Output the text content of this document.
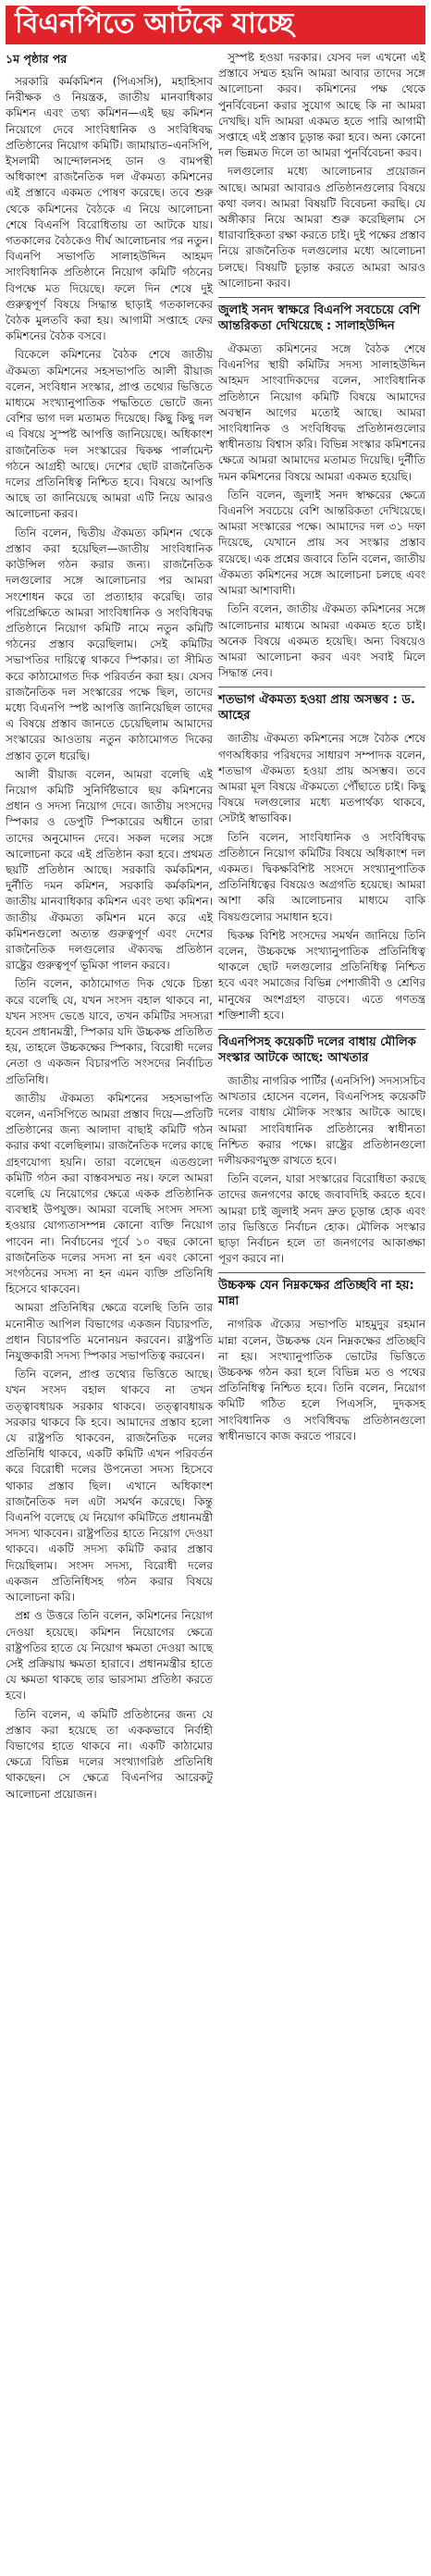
বিএনপিতে আটকে যাচ্ছে
১ম পৃষ্ঠার পর

সরকারি কর্মকমিশন (পিএসসি), মহাহিসাব নিরীক্ষক ও নিয়ন্ত্রক, জাতীয় মানবাধিকার কমিশন এবং তথ্য কমিশন—এই ছয় কমিশন নিয়োগে দেবে সাংবিধানিক ও সংবিধিবদ্ধ প্রতিষ্ঠানের নিয়োগ কমিটি। জামায়াত–এনসিপি, ইসলামী আন্দোলনসহ ডান ও বামপন্থী অধিকাংশ রাজনৈতিক দল ঐকমত্য কমিশনের এই প্রস্তাবে একমত পোষণ করেছে। তবে শুরু থেকে কমিশনের বৈঠকে এ নিয়ে আলোচনা শেষে বিএনপি বিরোধিতায় তা আটকে যায়। গতকালের বৈঠকেও দীর্ঘ আলোচনার পর নতুন। বিএনপি সভাপতি সালাহউদ্দিন আহমদ সাংবিধানিক প্রতিষ্ঠানে নিয়োগ কমিটি গঠনের বিপক্ষে মত দিয়েছে। ফলে দিন শেষে দুই গুরুত্বপূর্ণ বিষয়ে সিদ্ধান্ত ছাড়াই গতকালকের বৈঠক মুলতবি করা হয়। আগামী সপ্তাহে ফের কমিশনের বৈঠক বসবে।

বিকেলে কমিশনের বৈঠক শেষে জাতীয় ঐকমত্য কমিশনের সহসভাপতি আলী রীয়াজ বলেন, সংবিধান সংস্কার, প্রাপ্ত তথ্যের ভিত্তিতে মাধ্যমে সংখ্যানুপাতিক পদ্ধতিতে ভোটে জন্য বেশির ভাগ দল মতামত দিয়েছে। কিছু কিছু দল এ বিষয়ে সুস্পষ্ট আপত্তি জানিয়েছে। অধিকাংশ রাজনৈতিক দল সংস্কারের দ্বিকক্ষ পার্লামেন্ট গঠনে আগ্রহী আছে। দেশের ছোট রাজনৈতিক দলের প্রতিনিধিত্ব নিশ্চিত হবে। বিষয়ে আপত্তি আছে তা জানিয়েছে আমরা এটি নিয়ে আরও আলোচনা করব।

তিনি বলেন, দ্বিতীয় ঐকমত্য কমিশন থেকে প্রস্তাব করা হয়েছিল—জাতীয় সাংবিধানিক কাউন্সিল গঠন করার জন্য। রাজনৈতিক দলগুলোর সঙ্গে আলোচনার পর আমরা সংশোধন করে তা প্রত্যাহার করেছি। তার পরিপ্রেক্ষিতে আমরা সাংবিধানিক ও সংবিধিবদ্ধ প্রতিষ্ঠানে নিয়োগ কমিটি নামে নতুন কমিটি গঠনের প্রস্তাব করেছিলাম। সেই কমিটির সভাপতির দায়িত্বে থাকবে স্পিকার। তা সীমিত করে কাঠামোগত দিক পরিবর্তন করা হয়। যেসব রাজনৈতিক দল সংস্কারের পক্ষে ছিল, তাদের মধ্যে বিএনপি স্পষ্ট আপত্তি জানিয়েছিল তাদের এ বিষয়ে প্রস্তাব জানতে চেয়েছিলাম আমাদের সংস্কারের আওতায় নতুন কাঠামোগত দিকের প্রস্তাব তুলে ধরেছি।

আলী রীয়াজ বলেন, আমরা বলেছি এই নিয়োগ কমিটি সুনির্দিষ্টভাবে ছয় কমিশনের প্রধান ও সদস্য নিয়োগ দেবে। জাতীয় সংসদের স্পিকার ও ডেপুটি স্পিকারের অধীনে তারা তাদের অনুমোদন দেবে। সকল দলের সঙ্গে আলোচনা করে এই প্রতিষ্ঠান করা হবে। প্রথমত ছয়টি প্রতিষ্ঠান আছে। সরকারি কর্মকমিশন, দুর্নীতি দমন কমিশন, সরকারি কর্মকমিশন, জাতীয় মানবাধিকার কমিশন এবং তথ্য কমিশন। জাতীয় ঐকমত্য কমিশন মনে করে এই কমিশনগুলো অত্যন্ত গুরুত্বপূর্ণ এবং দেশের রাজনৈতিক দলগুলোর ঐক্যবদ্ধ প্রতিষ্ঠান রাষ্ট্রের গুরুত্বপূর্ণ ভূমিকা পালন করবে।

তিনি বলেন, কাঠামোগত দিক থেকে চিন্তা করে বলেছি যে, যখন সংসদ বহাল থাকবে না, যখন সংসদ ভেঙে যাবে, তখন কমিটির সদস্যরা হবেন প্রধানমন্ত্রী, স্পিকার যদি উচ্চকক্ষ প্রতিষ্ঠিত হয়, তাহলে উচ্চকক্ষের স্পিকার, বিরোধী দলের নেতা ও একজন বিচারপতি সংসদের নির্বাচিত প্রতিনিধি।

জাতীয় ঐকমত্য কমিশনের সহসভাপতি বলেন, এনসিপিতে আমরা প্রস্তাব দিয়ে—প্রতিটি প্রতিষ্ঠানের জন্য আলাদা বাছাই কমিটি গঠন করার কথা বলেছিলাম। রাজনৈতিক দলের কাছে গ্রহণযোগ্য হয়নি। তারা বলেছেন এতগুলো কমিটি গঠন করা বাস্তবসম্মত নয়। ফলে আমরা বলেছি যে নিয়োগের ক্ষেত্রে একক প্রতিষ্ঠানিক ব্যবস্থাই উপযুক্ত। আমরা বলেছি সংসদ সদস্য হওয়ার যোগ্যতাসম্পন্ন কোনো ব্যক্তি নিয়োগ পাবেন না। নির্বাচনের পূর্বে ১০ বছর কোনো রাজনৈতিক দলের সদস্য না হন এবং কোনো সংগঠনের সদস্য না হন এমন ব্যক্তি প্রতিনিধি হিসেবে থাকবেন।

আমরা প্রতিনিধির ক্ষেত্রে বলেছি তিনি তার মনোনীত আপিল বিভাগের একজন বিচারপতি, প্রধান বিচারপতি মনোনয়ন করবেন। রাষ্ট্রপতি নিযুক্তকারী সদস্য স্পিকার সভাপতিত্ব করবেন।

তিনি বলেন, প্রাপ্ত তথ্যের ভিত্তিতে আছে। যখন সংসদ বহাল থাকবে না তখন তত্ত্বাবধায়ক সরকার থাকবে। তত্ত্বাবধায়ক সরকার থাকবে কি হবে। আমাদের প্রস্তাব হলো যে রাষ্ট্রপতি থাকবেন, রাজনৈতিক দলের প্রতিনিধি থাকবে, একটি কমিটি এখন পরিবর্তন করে বিরোধী দলের উপনেতা সদস্য হিসেবে থাকার প্রস্তাব ছিল। এখানে অধিকাংশ রাজনৈতিক দল এটা সমর্থন করেছে। কিন্তু বিএনপি বলেছে যে নিয়োগ কমিটিতে প্রধানমন্ত্রী সদস্য থাকবেন। রাষ্ট্রপতির হাতে নিয়োগ দেওয়া থাকবে। একটি সদস্য কমিটি করার প্রস্তাব দিয়েছিলাম। সংসদ সদস্য, বিরোধী দলের একজন প্রতিনিধিসহ গঠন করার বিষয়ে আলোচনা করি।

প্রশ্ন ও উত্তরে তিনি বলেন, কমিশনের নিয়োগ দেওয়া হয়েছে। কমিশন নিয়োগের ক্ষেত্রে রাষ্ট্রপতির হাতে যে নিয়োগ ক্ষমতা দেওয়া আছে সেই প্রক্রিয়ায় ক্ষমতা হারাবে। প্রধানমন্ত্রীর হাতে যে ক্ষমতা থাকছে তার ভারসাম্য প্রতিষ্ঠা করতে হবে।

তিনি বলেন, এ কমিটি প্রতিষ্ঠানের জন্য যে প্রস্তাব করা হয়েছে তা এককভাবে নির্বাহী বিভাগের হাতে থাকবে না। একটি কাঠামোর ক্ষেত্রে বিভিন্ন দলের সংখ্যাগরিষ্ঠ প্রতিনিধি থাকছেন। সে ক্ষেত্রে বিএনপির আরেকটু আলোচনা প্রয়োজন।

সুস্পষ্ট হওয়া দরকার। যেসব দল এখনো এই প্রস্তাবে সম্মত হয়নি আমরা আবার তাদের সঙ্গে আলোচনা করব। কমিশনের পক্ষ থেকে পুনর্বিবেচনা করার সুযোগ আছে কি না আমরা দেখছি। যদি আমরা একমত হতে পারি আগামী সপ্তাহে এই প্রস্তাব চূড়ান্ত করা হবে। অন্য কোনো দল ভিন্নমত দিলে তা আমরা পুনর্বিবেচনা করব।

দলগুলোর মধ্যে আলোচনার প্রয়োজন আছে। আমরা আবারও প্রতিষ্ঠানগুলোর বিষয়ে কথা বলব। আমরা বিষয়টি বিবেচনা করছি। যে অঙ্গীকার নিয়ে আমরা শুরু করেছিলাম সে ধারাবাহিকতা রক্ষা করতে চাই। দুই পক্ষের প্রস্তাব নিয়ে রাজনৈতিক দলগুলোর মধ্যে আলোচনা চলছে। বিষয়টি চূড়ান্ত করতে আমরা আরও আলোচনা করব।

জুলাই সনদ স্বাক্ষরে বিএনপি সবচেয়ে বেশি আন্তরিকতা দেখিয়েছে : সালাহউদ্দিন

ঐকমত্য কমিশনের সঙ্গে বৈঠক শেষে বিএনপির স্থায়ী কমিটির সদস্য সালাহউদ্দিন আহমদ সাংবাদিকদের বলেন, সাংবিধানিক প্রতিষ্ঠানে নিয়োগ কমিটি বিষয়ে আমাদের অবস্থান আগের মতোই আছে। আমরা সাংবিধানিক ও সংবিধিবদ্ধ প্রতিষ্ঠানগুলোর স্বাধীনতায় বিশ্বাস করি। বিভিন্ন সংস্কার কমিশনের ক্ষেত্রে আমরা আমাদের মতামত দিয়েছি। দুর্নীতি দমন কমিশনের বিষয়ে আমরা একমত হয়েছি।

তিনি বলেন, জুলাই সনদ স্বাক্ষরের ক্ষেত্রে বিএনপি সবচেয়ে বেশি আন্তরিকতা দেখিয়েছে। আমরা সংস্কারের পক্ষে। আমাদের দল ৩১ দফা দিয়েছে, যেখানে প্রায় সব সংস্কার প্রস্তাব রয়েছে। এক প্রশ্নের জবাবে তিনি বলেন, জাতীয় ঐকমত্য কমিশনের সঙ্গে আলোচনা চলছে এবং আমরা আশাবাদী।

তিনি বলেন, জাতীয় ঐকমত্য কমিশনের সঙ্গে আলোচনার মাধ্যমে আমরা একমত হতে চাই। অনেক বিষয়ে একমত হয়েছি। অন্য বিষয়েও আমরা আলোচনা করব এবং সবাই মিলে সিদ্ধান্ত নেব।

শতভাগ ঐকমত্য হওয়া প্রায় অসম্ভব : ড. আহের

জাতীয় ঐকমত্য কমিশনের সঙ্গে বৈঠক শেষে গণঅধিকার পরিষদের সাধারণ সম্পাদক বলেন, শতভাগ ঐকমত্য হওয়া প্রায় অসম্ভব। তবে আমরা মূল বিষয়ে ঐকমত্যে পৌঁছাতে চাই। কিছু বিষয়ে দলগুলোর মধ্যে মতপার্থক্য থাকবে, সেটাই স্বাভাবিক।

তিনি বলেন, সাংবিধানিক ও সংবিধিবদ্ধ প্রতিষ্ঠানে নিয়োগ কমিটির বিষয়ে অধিকাংশ দল একমত। দ্বিকক্ষবিশিষ্ট সংসদে সংখ্যানুপাতিক প্রতিনিধিত্বের বিষয়েও অগ্রগতি হয়েছে। আমরা আশা করি আলোচনার মাধ্যমে বাকি বিষয়গুলোর সমাধান হবে।

দ্বিকক্ষ বিশিষ্ট সংসদের সমর্থন জানিয়ে তিনি বলেন, উচ্চকক্ষে সংখ্যানুপাতিক প্রতিনিধিত্ব থাকলে ছোট দলগুলোর প্রতিনিধিত্ব নিশ্চিত হবে এবং সমাজের বিভিন্ন পেশাজীবী ও শ্রেণির মানুষের অংশগ্রহণ বাড়বে। এতে গণতন্ত্র শক্তিশালী হবে।

বিএনপিসহ কয়েকটি দলের বাধায় মৌলিক সংস্কার আটকে আছে: আখতার

জাতীয় নাগরিক পার্টির (এনসিপি) সদস্যসচিব আখতার হোসেন বলেন, বিএনপিসহ কয়েকটি দলের বাধায় মৌলিক সংস্কার আটকে আছে। আমরা সাংবিধানিক প্রতিষ্ঠানের স্বাধীনতা নিশ্চিত করার পক্ষে। রাষ্ট্রের প্রতিষ্ঠানগুলো দলীয়করণমুক্ত রাখতে হবে।

তিনি বলেন, যারা সংস্কারের বিরোধিতা করছে তাদের জনগণের কাছে জবাবদিহি করতে হবে। আমরা চাই জুলাই সনদ দ্রুত চূড়ান্ত হোক এবং তার ভিত্তিতে নির্বাচন হোক। মৌলিক সংস্কার ছাড়া নির্বাচন হলে তা জনগণের আকাঙ্ক্ষা পূরণ করবে না।

উচ্চকক্ষ যেন নিম্নকক্ষের প্রতিচ্ছবি না হয়: মান্না

নাগরিক ঐক্যের সভাপতি মাহমুদুর রহমান মান্না বলেন, উচ্চকক্ষ যেন নিম্নকক্ষের প্রতিচ্ছবি না হয়। সংখ্যানুপাতিক ভোটের ভিত্তিতে উচ্চকক্ষ গঠন করা হলে বিভিন্ন মত ও পথের প্রতিনিধিত্ব নিশ্চিত হবে। তিনি বলেন, নিয়োগ কমিটি গঠিত হলে পিএসসি, দুদকসহ সাংবিধানিক ও সংবিধিবদ্ধ প্রতিষ্ঠানগুলো স্বাধীনভাবে কাজ করতে পারবে।
